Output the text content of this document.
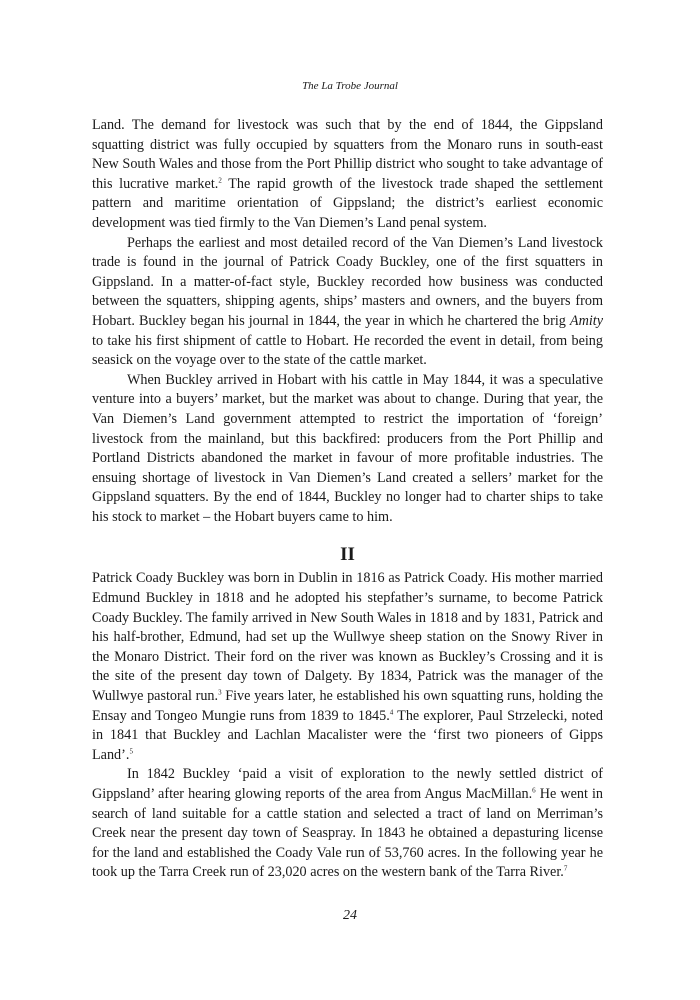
The La Trobe Journal

Land. The demand for livestock was such that by the end of 1844, the Gippsland squatting district was fully occupied by squatters from the Monaro runs in south-east New South Wales and those from the Port Phillip district who sought to take advantage of this lucrative market.$^2$ The rapid growth of the livestock trade shaped the settlement pattern and maritime orientation of Gippsland; the district’s earliest economic development was tied firmly to the Van Diemen’s Land penal system.

Perhaps the earliest and most detailed record of the Van Diemen’s Land livestock trade is found in the journal of Patrick Coady Buckley, one of the first squatters in Gippsland. In a matter-of-fact style, Buckley recorded how business was conducted between the squatters, shipping agents, ships’ masters and owners, and the buyers from Hobart. Buckley began his journal in 1844, the year in which he chartered the brig Amity to take his first shipment of cattle to Hobart. He recorded the event in detail, from being seasick on the voyage over to the state of the cattle market.

When Buckley arrived in Hobart with his cattle in May 1844, it was a speculative venture into a buyers’ market, but the market was about to change. During that year, the Van Diemen’s Land government attempted to restrict the importation of ‘foreign’ livestock from the mainland, but this backfired: producers from the Port Phillip and Portland Districts abandoned the market in favour of more profitable industries. The ensuing shortage of livestock in Van Diemen’s Land created a sellers’ market for the Gippsland squatters. By the end of 1844, Buckley no longer had to charter ships to take his stock to market – the Hobart buyers came to him.

II

Patrick Coady Buckley was born in Dublin in 1816 as Patrick Coady. His mother married Edmund Buckley in 1818 and he adopted his stepfather’s surname, to become Patrick Coady Buckley. The family arrived in New South Wales in 1818 and by 1831, Patrick and his half-brother, Edmund, had set up the Wullwye sheep station on the Snowy River in the Monaro District. Their ford on the river was known as Buckley’s Crossing and it is the site of the present day town of Dalgety. By 1834, Patrick was the manager of the Wullwye pastoral run.$^3$ Five years later, he established his own squatting runs, holding the Ensay and Tongeo Mungie runs from 1839 to 1845.$^4$ The explorer, Paul Strzelecki, noted in 1841 that Buckley and Lachlan Macalister were the ‘first two pioneers of Gipps Land’.$^5$

In 1842 Buckley ‘paid a visit of exploration to the newly settled district of Gippsland’ after hearing glowing reports of the area from Angus MacMillan.$^6$ He went in search of land suitable for a cattle station and selected a tract of land on Merriman’s Creek near the present day town of Seaspray. In 1843 he obtained a depasturing license for the land and established the Coady Vale run of 53,760 acres. In the following year he took up the Tarra Creek run of 23,020 acres on the western bank of the Tarra River.$^7$

24
